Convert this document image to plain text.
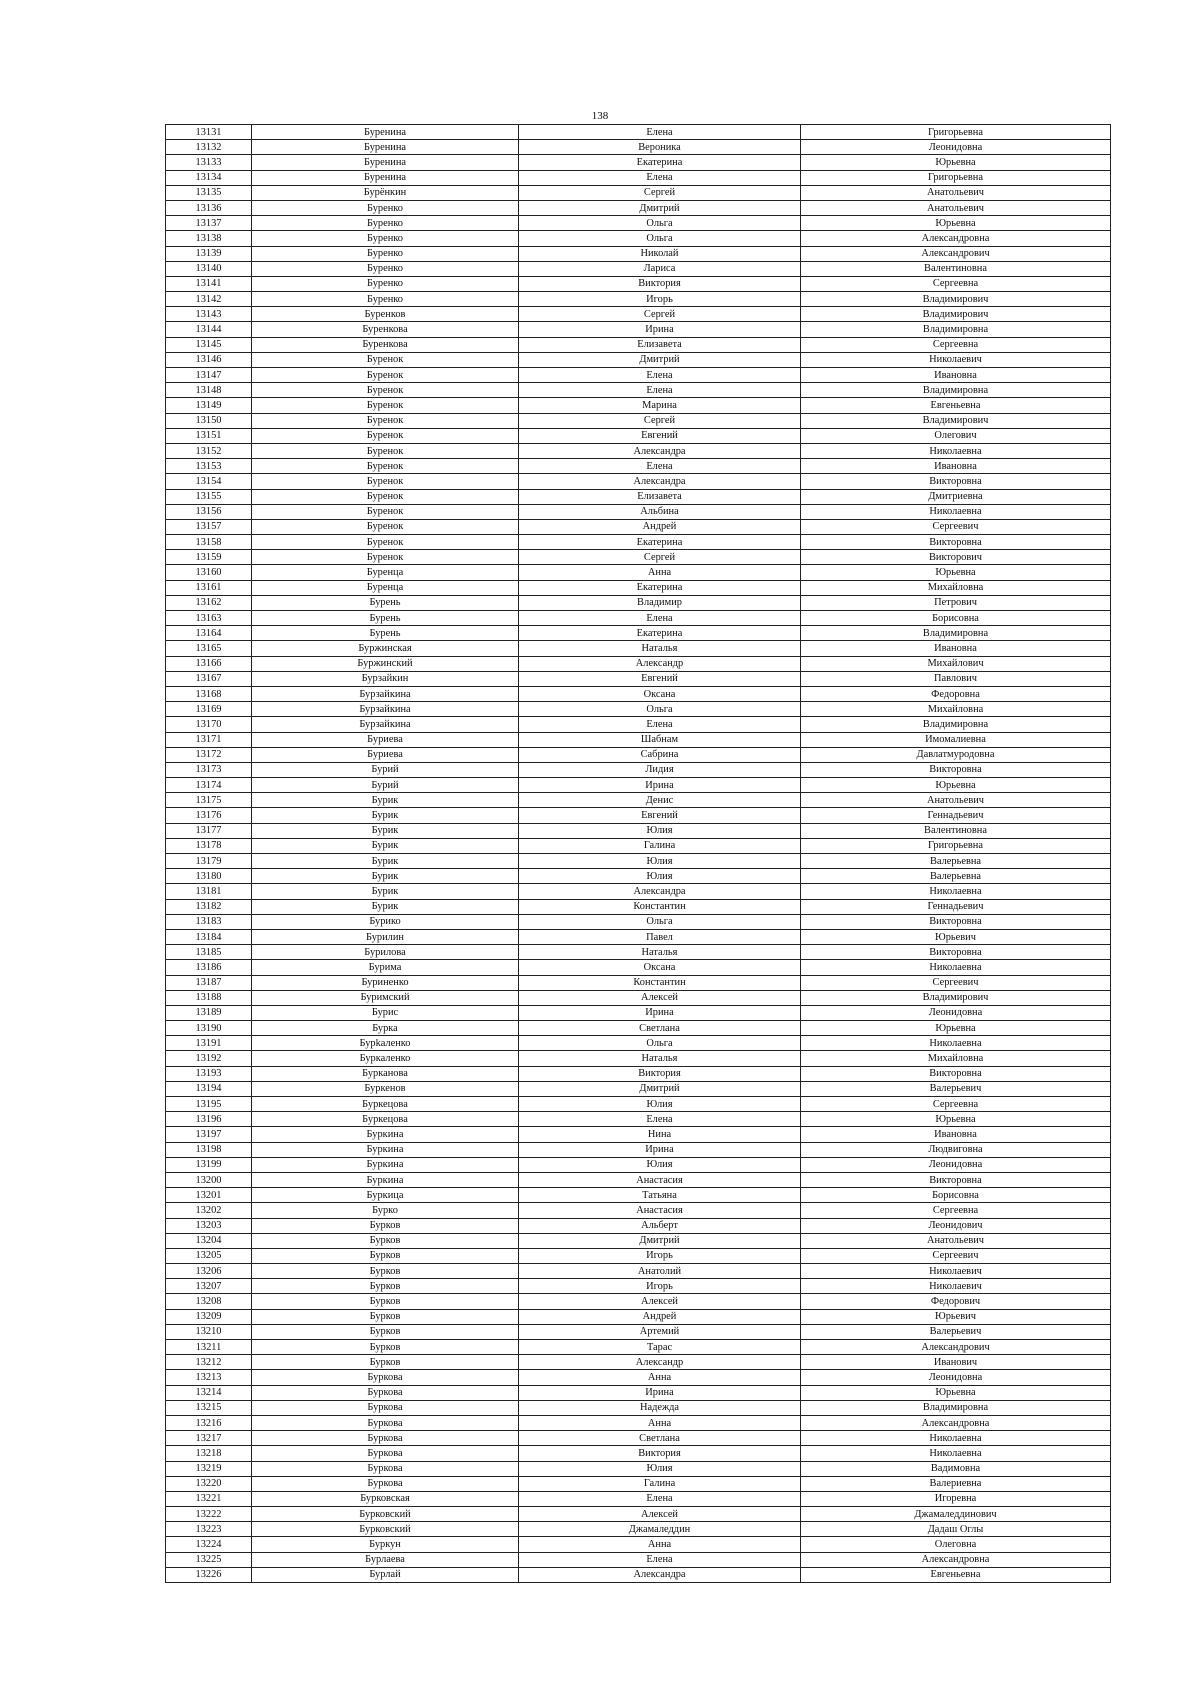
138
13131	Буренина	Елена	Григорьевна
13132	Буренина	Вероника	Леонидовна
13133	Буренина	Екатерина	Юрьевна
13134	Буренина	Елена	Григорьевна
13135	Бурёнкин	Сергей	Анатольевич
13136	Буренко	Дмитрий	Анатольевич
13137	Буренко	Ольга	Юрьевна
13138	Буренко	Ольга	Александровна
13139	Буренко	Николай	Александрович
13140	Буренко	Лариса	Валентиновна
13141	Буренко	Виктория	Сергеевна
13142	Буренко	Игорь	Владимирович
13143	Буренков	Сергей	Владимирович
13144	Буренкова	Ирина	Владимировна
13145	Буренкова	Елизавета	Сергеевна
13146	Буренок	Дмитрий	Николаевич
13147	Буренок	Елена	Ивановна
13148	Буренок	Елена	Владимировна
13149	Буренок	Марина	Евгеньевна
13150	Буренок	Сергей	Владимирович
13151	Буренок	Евгений	Олегович
13152	Буренок	Александра	Николаевна
13153	Буренок	Елена	Ивановна
13154	Буренок	Александра	Викторовна
13155	Буренок	Елизавета	Дмитриевна
13156	Буренок	Альбина	Николаевна
13157	Буренок	Андрей	Сергеевич
13158	Буренок	Екатерина	Викторовна
13159	Буренок	Сергей	Викторович
13160	Буренца	Анна	Юрьевна
13161	Буренца	Екатерина	Михайловна
13162	Бурень	Владимир	Петрович
13163	Бурень	Елена	Борисовна
13164	Бурень	Екатерина	Владимировна
13165	Буржинская	Наталья	Ивановна
13166	Буржинский	Александр	Михайлович
13167	Бурзайкин	Евгений	Павлович
13168	Бурзайкина	Оксана	Федоровна
13169	Бурзайкина	Ольга	Михайловна
13170	Бурзайкина	Елена	Владимировна
13171	Буриева	Шабнам	Имомалиевна
13172	Буриева	Сабрина	Давлатмуродовна
13173	Бурий	Лидия	Викторовна
13174	Бурий	Ирина	Юрьевна
13175	Бурик	Денис	Анатольевич
13176	Бурик	Евгений	Геннадьевич
13177	Бурик	Юлия	Валентиновна
13178	Бурик	Галина	Григорьевна
13179	Бурик	Юлия	Валерьевна
13180	Бурик	Юлия	Валерьевна
13181	Бурик	Александра	Николаевна
13182	Бурик	Константин	Геннадьевич
13183	Бурико	Ольга	Викторовна
13184	Бурилин	Павел	Юрьевич
13185	Бурилова	Наталья	Викторовна
13186	Бурима	Оксана	Николаевна
13187	Буриненко	Константин	Сергеевич
13188	Буримский	Алексей	Владимирович
13189	Бурис	Ирина	Леонидовна
13190	Бурка	Светлана	Юрьевна
13191	Бурkaленко	Ольга	Николаевна
13192	Буркаленко	Наталья	Михайловна
13193	Бурканова	Виктория	Викторовна
13194	Буркенов	Дмитрий	Валерьевич
13195	Буркецова	Юлия	Сергеевна
13196	Буркецова	Елена	Юрьевна
13197	Буркина	Нина	Ивановна
13198	Буркина	Ирина	Людвиговна
13199	Буркина	Юлия	Леонидовна
13200	Буркина	Анастасия	Викторовна
13201	Буркица	Татьяна	Борисовна
13202	Бурко	Анастасия	Сергеевна
13203	Бурков	Альберт	Леонидович
13204	Бурков	Дмитрий	Анатольевич
13205	Бурков	Игорь	Сергеевич
13206	Бурков	Анатолий	Николаевич
13207	Бурков	Игорь	Николаевич
13208	Бурков	Алексей	Федорович
13209	Бурков	Андрей	Юрьевич
13210	Бурков	Артемий	Валерьевич
13211	Бурков	Тарас	Александрович
13212	Бурков	Александр	Иванович
13213	Буркова	Анна	Леонидовна
13214	Буркова	Ирина	Юрьевна
13215	Буркова	Надежда	Владимировна
13216	Буркова	Анна	Александровна
13217	Буркова	Светлана	Николаевна
13218	Буркова	Виктория	Николаевна
13219	Буркова	Юлия	Вадимовна
13220	Буркова	Галина	Валериевна
13221	Бурковская	Елена	Игоревна
13222	Бурковский	Алексей	Джамаледдинович
13223	Бурковский	Джамаледдин	Дадаш Оглы
13224	Буркун	Анна	Олеговна
13225	Бурлаева	Елена	Александровна
13226	Бурлай	Александра	Евгеньевна
